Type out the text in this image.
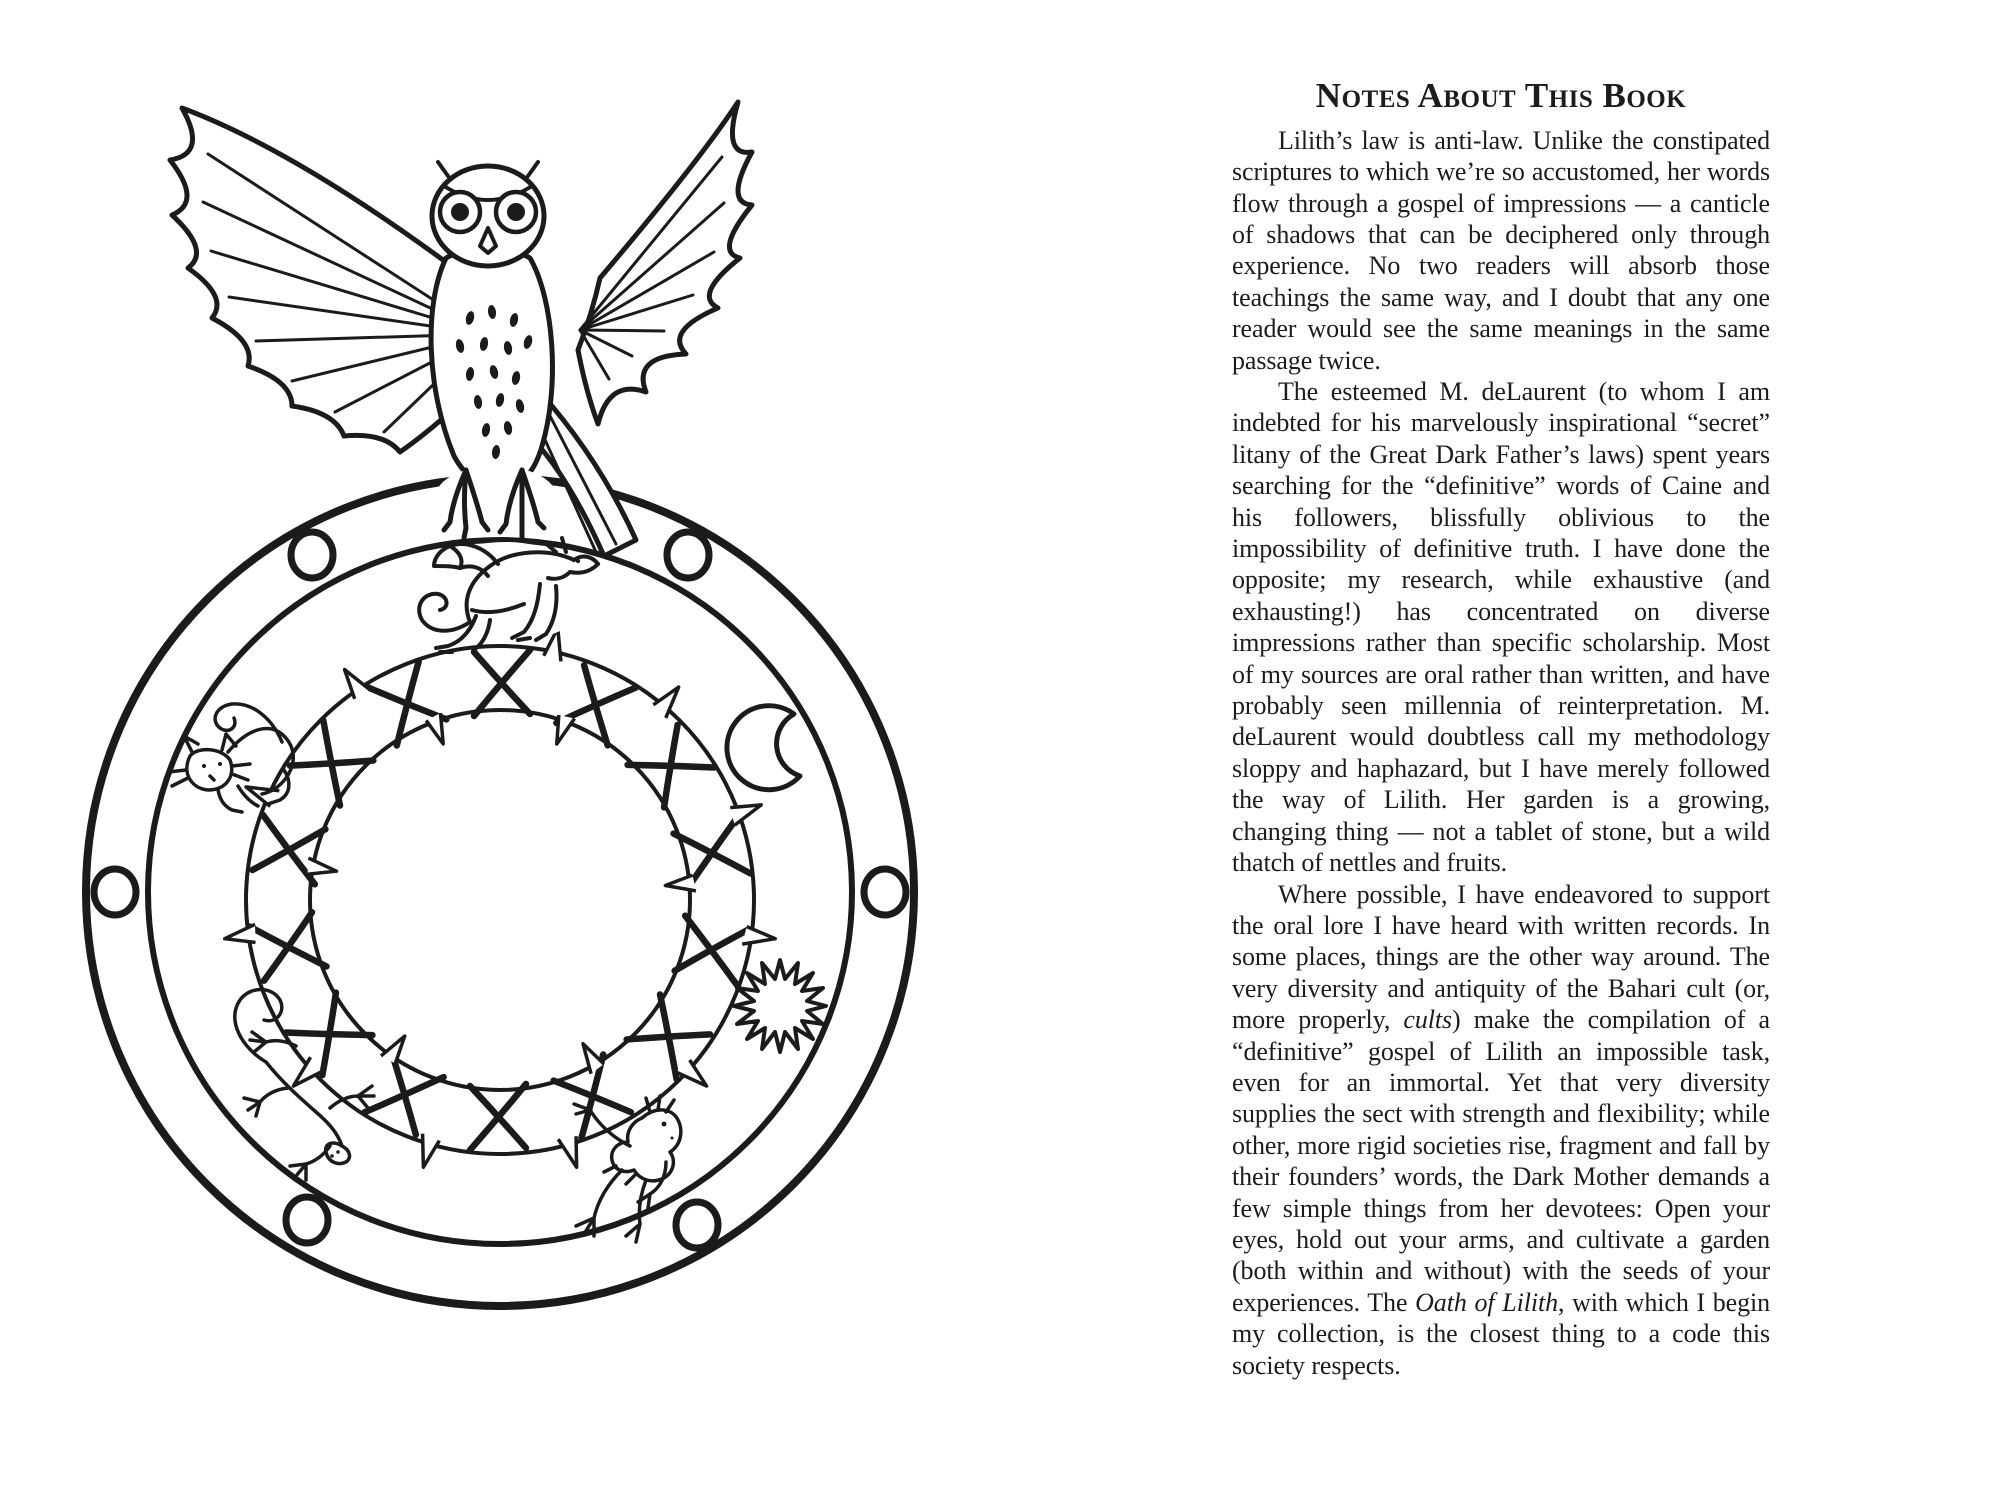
Notes About This Book

Lilith’s law is anti-law. Unlike the constipated scriptures to which we’re so accustomed, her words flow through a gospel of impressions — a canticle of shadows that can be deciphered only through experience. No two readers will absorb those teachings the same way, and I doubt that any one reader would see the same meanings in the same passage twice.

The esteemed M. deLaurent (to whom I am indebted for his marvelously inspirational “secret” litany of the Great Dark Father’s laws) spent years searching for the “definitive” words of Caine and his followers, blissfully oblivious to the impossibility of definitive truth. I have done the opposite; my research, while exhaustive (and exhausting!) has concentrated on diverse impressions rather than specific scholarship. Most of my sources are oral rather than written, and have probably seen millennia of reinterpretation. M. deLaurent would doubtless call my methodology sloppy and haphazard, but I have merely followed the way of Lilith. Her garden is a growing, changing thing — not a tablet of stone, but a wild thatch of nettles and fruits.

Where possible, I have endeavored to support the oral lore I have heard with written records. In some places, things are the other way around. The very diversity and antiquity of the Bahari cult (or, more properly, cults) make the compilation of a “definitive” gospel of Lilith an impossible task, even for an immortal. Yet that very diversity supplies the sect with strength and flexibility; while other, more rigid societies rise, fragment and fall by their founders’ words, the Dark Mother demands a few simple things from her devotees: Open your eyes, hold out your arms, and cultivate a garden (both within and without) with the seeds of your experiences. The Oath of Lilith, with which I begin my collection, is the closest thing to a code this society respects.
